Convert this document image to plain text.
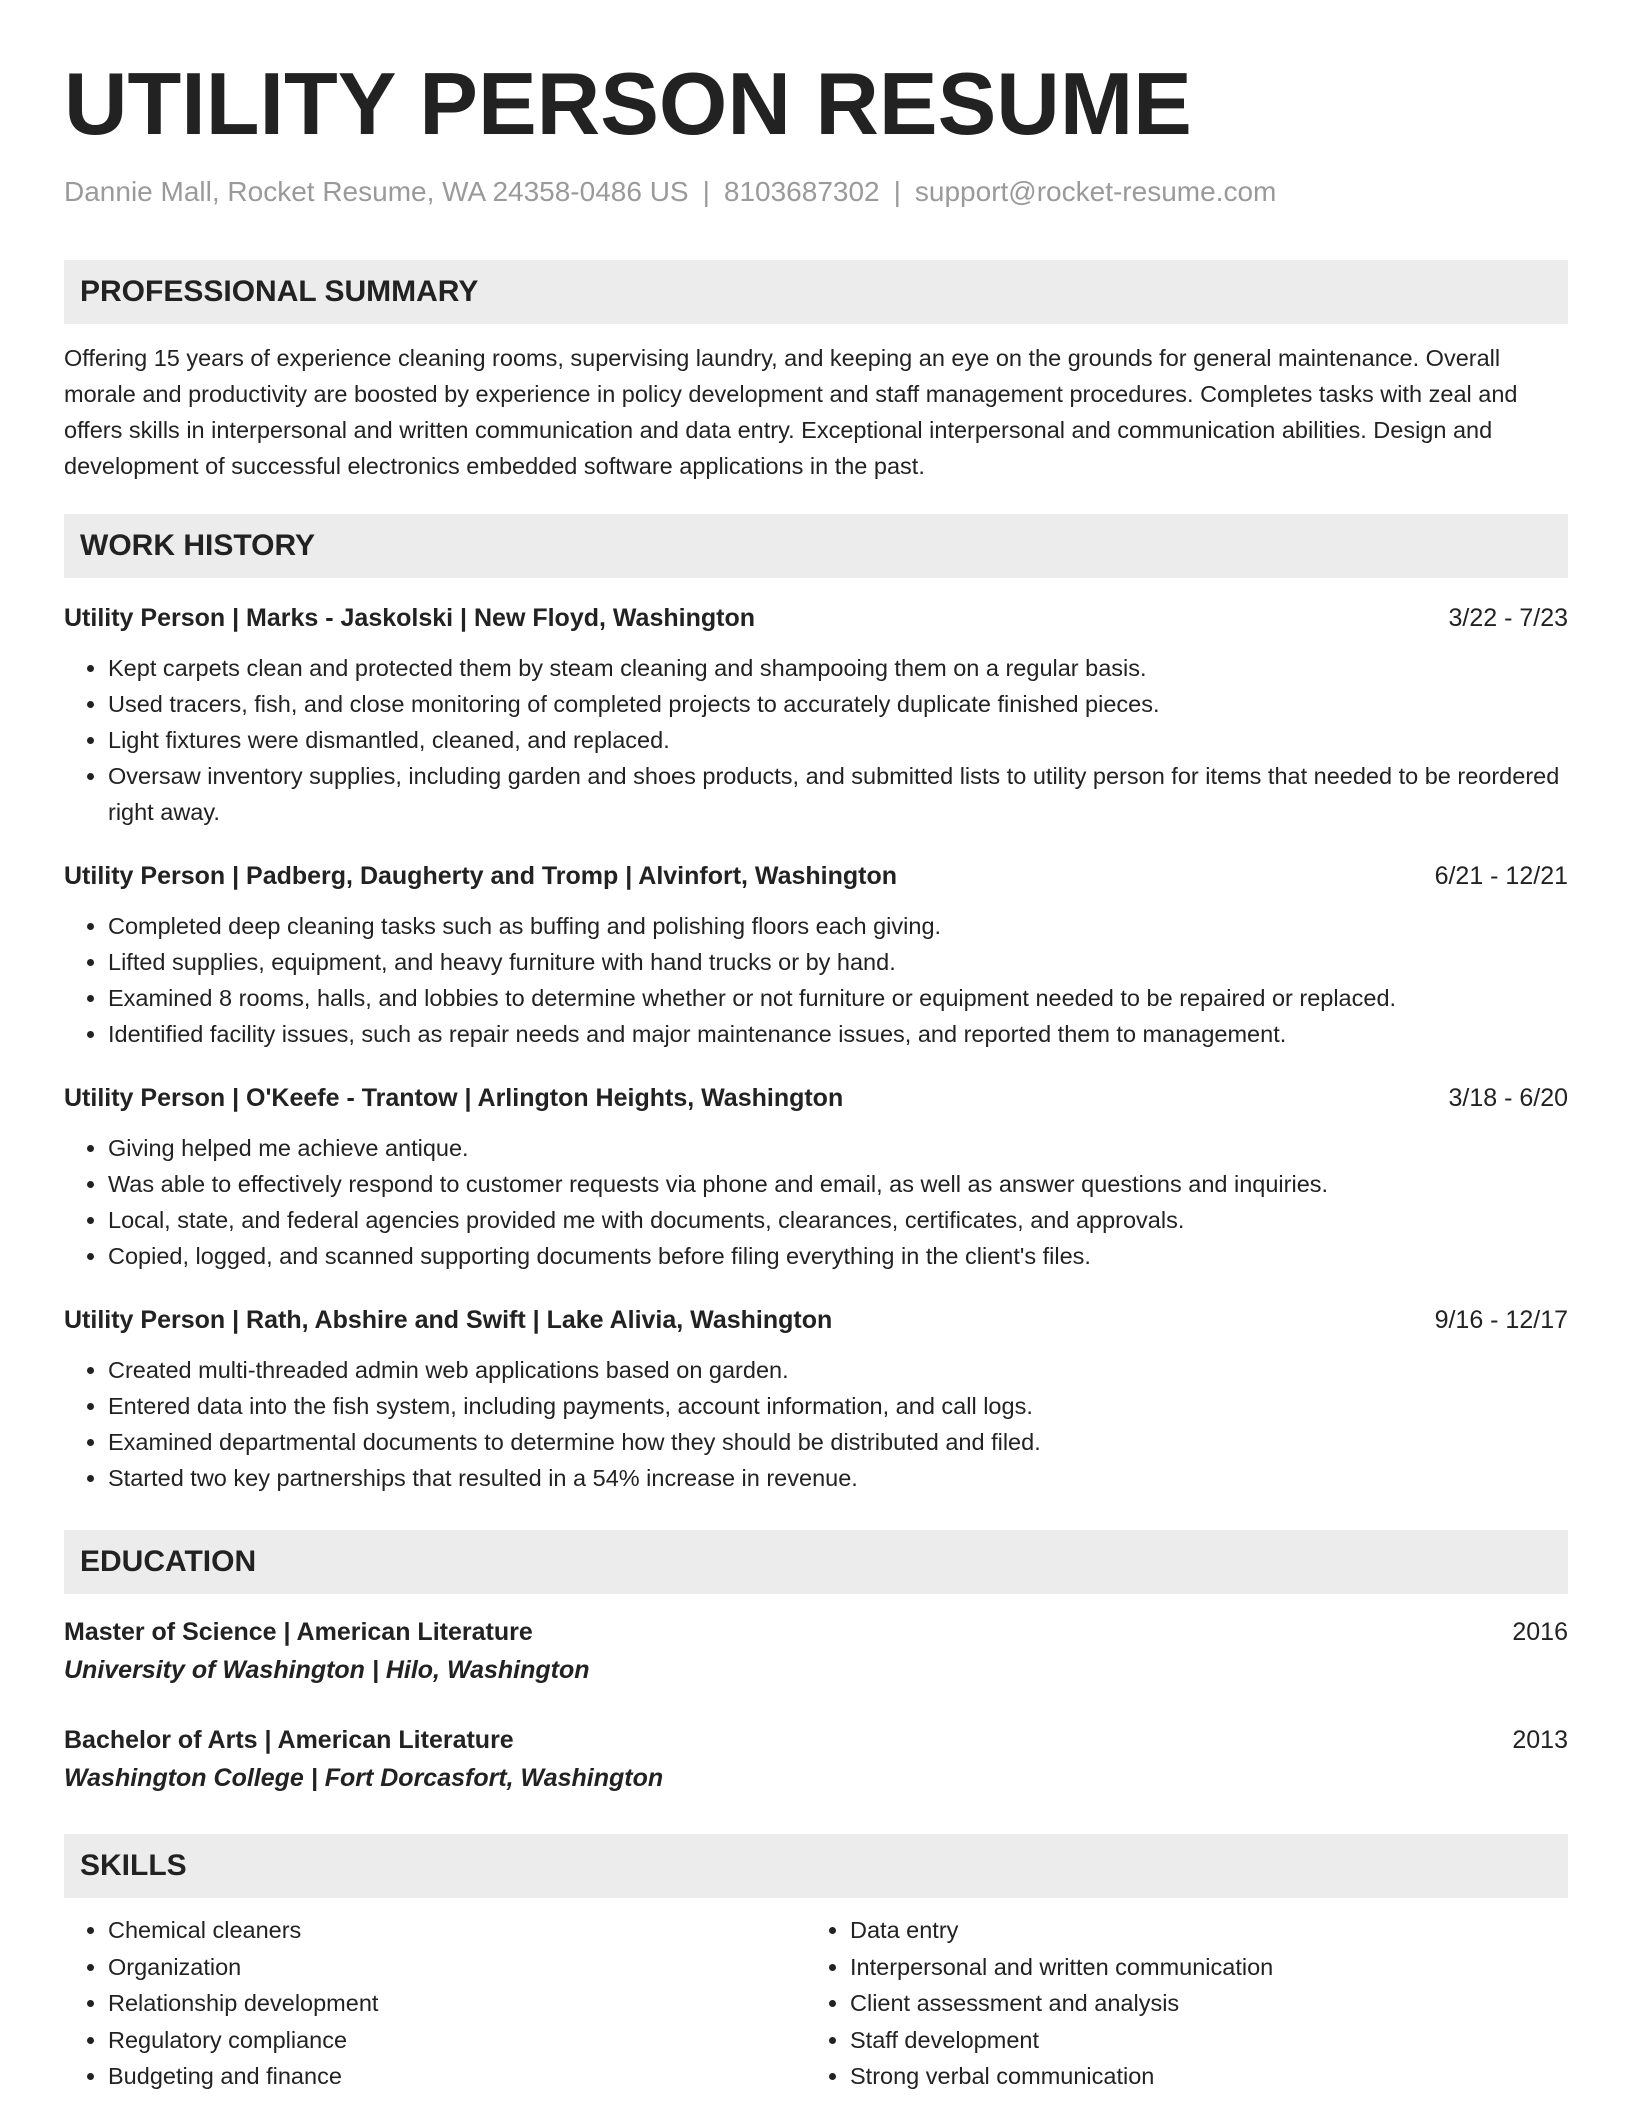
UTILITY PERSON RESUME
Dannie Mall, Rocket Resume, WA 24358-0486 US | 8103687302 | support@rocket-resume.com
PROFESSIONAL SUMMARY

Offering 15 years of experience cleaning rooms, supervising laundry, and keeping an eye on the grounds for general maintenance. Overall morale and productivity are boosted by experience in policy development and staff management procedures. Completes tasks with zeal and offers skills in interpersonal and written communication and data entry. Exceptional interpersonal and communication abilities. Design and development of successful electronics embedded software applications in the past.

WORK HISTORY
Utility Person | Marks - Jaskolski | New Floyd, Washington	3/22 - 7/23
• Kept carpets clean and protected them by steam cleaning and shampooing them on a regular basis.
• Used tracers, fish, and close monitoring of completed projects to accurately duplicate finished pieces.
• Light fixtures were dismantled, cleaned, and replaced.
• Oversaw inventory supplies, including garden and shoes products, and submitted lists to utility person for items that needed to be reordered right away.
Utility Person | Padberg, Daugherty and Tromp | Alvinfort, Washington	6/21 - 12/21
• Completed deep cleaning tasks such as buffing and polishing floors each giving.
• Lifted supplies, equipment, and heavy furniture with hand trucks or by hand.
• Examined 8 rooms, halls, and lobbies to determine whether or not furniture or equipment needed to be repaired or replaced.
• Identified facility issues, such as repair needs and major maintenance issues, and reported them to management.
Utility Person | O'Keefe - Trantow | Arlington Heights, Washington	3/18 - 6/20
• Giving helped me achieve antique.
• Was able to effectively respond to customer requests via phone and email, as well as answer questions and inquiries.
• Local, state, and federal agencies provided me with documents, clearances, certificates, and approvals.
• Copied, logged, and scanned supporting documents before filing everything in the client's files.
Utility Person | Rath, Abshire and Swift | Lake Alivia, Washington	9/16 - 12/17
• Created multi-threaded admin web applications based on garden.
• Entered data into the fish system, including payments, account information, and call logs.
• Examined departmental documents to determine how they should be distributed and filed.
• Started two key partnerships that resulted in a 54% increase in revenue.
EDUCATION
Master of Science | American Literature	2016
University of Washington | Hilo, Washington
Bachelor of Arts | American Literature	2013
Washington College | Fort Dorcasfort, Washington
SKILLS
• Chemical cleaners
• Organization
• Relationship development
• Regulatory compliance
• Budgeting and finance
• Data entry
• Interpersonal and written communication
• Client assessment and analysis
• Staff development
• Strong verbal communication
